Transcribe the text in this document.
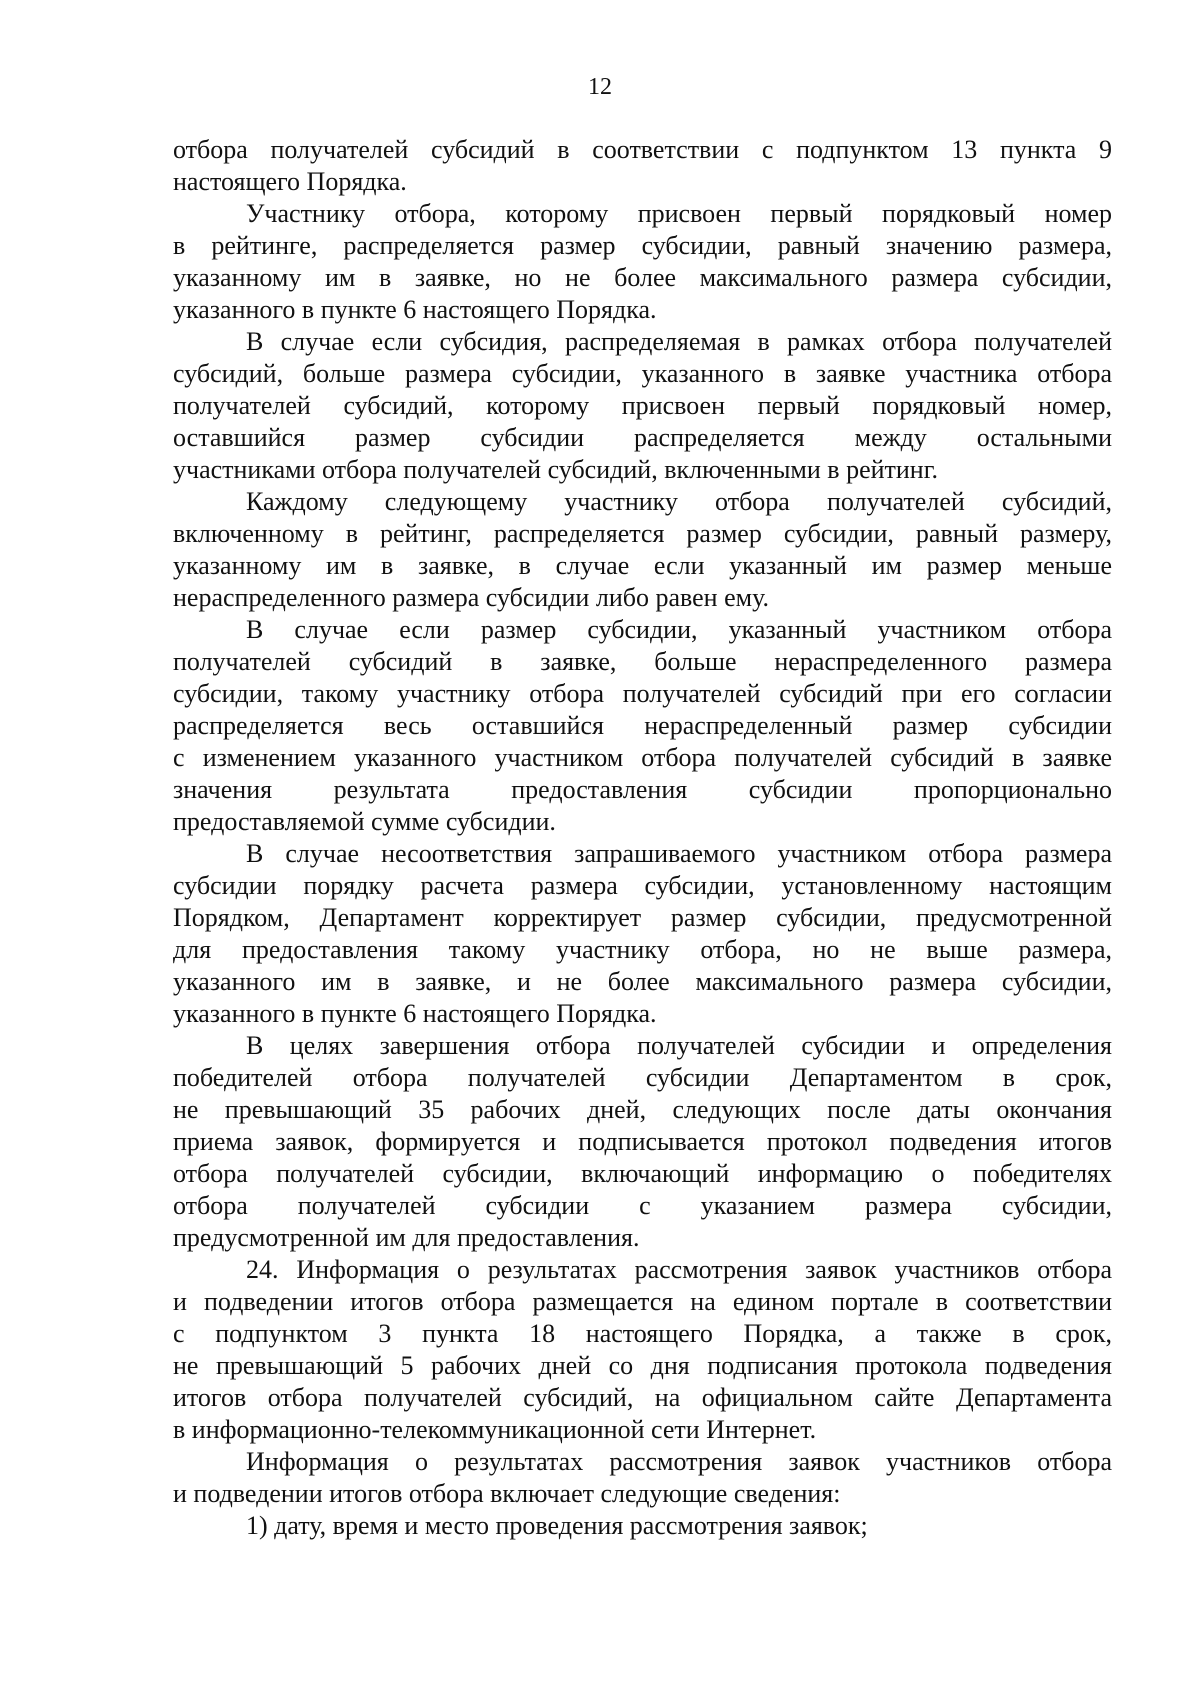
12
отбора получателей субсидий в соответствии с подпунктом 13 пункта 9
настоящего Порядка.
Участнику отбора, которому присвоен первый порядковый номер
в рейтинге, распределяется размер субсидии, равный значению размера,
указанному им в заявке, но не более максимального размера субсидии,
указанного в пункте 6 настоящего Порядка.
В случае если субсидия, распределяемая в рамках отбора получателей
субсидий, больше размера субсидии, указанного в заявке участника отбора
получателей субсидий, которому присвоен первый порядковый номер,
оставшийся размер субсидии распределяется между остальными
участниками отбора получателей субсидий, включенными в рейтинг.
Каждому следующему участнику отбора получателей субсидий,
включенному в рейтинг, распределяется размер субсидии, равный размеру,
указанному им в заявке, в случае если указанный им размер меньше
нераспределенного размера субсидии либо равен ему.
В случае если размер субсидии, указанный участником отбора
получателей субсидий в заявке, больше нераспределенного размера
субсидии, такому участнику отбора получателей субсидий при его согласии
распределяется весь оставшийся нераспределенный размер субсидии
с изменением указанного участником отбора получателей субсидий в заявке
значения результата предоставления субсидии пропорционально
предоставляемой сумме субсидии.
В случае несоответствия запрашиваемого участником отбора размера
субсидии порядку расчета размера субсидии, установленному настоящим
Порядком, Департамент корректирует размер субсидии, предусмотренной
для предоставления такому участнику отбора, но не выше размера,
указанного им в заявке, и не более максимального размера субсидии,
указанного в пункте 6 настоящего Порядка.
В целях завершения отбора получателей субсидии и определения
победителей отбора получателей субсидии Департаментом в срок,
не превышающий 35 рабочих дней, следующих после даты окончания
приема заявок, формируется и подписывается протокол подведения итогов
отбора получателей субсидии, включающий информацию о победителях
отбора получателей субсидии с указанием размера субсидии,
предусмотренной им для предоставления.
24. Информация о результатах рассмотрения заявок участников отбора
и подведении итогов отбора размещается на едином портале в соответствии
с подпунктом 3 пункта 18 настоящего Порядка, а также в срок,
не превышающий 5 рабочих дней со дня подписания протокола подведения
итогов отбора получателей субсидий, на официальном сайте Департамента
в информационно-телекоммуникационной сети Интернет.
Информация о результатах рассмотрения заявок участников отбора
и подведении итогов отбора включает следующие сведения:
1) дату, время и место проведения рассмотрения заявок;
